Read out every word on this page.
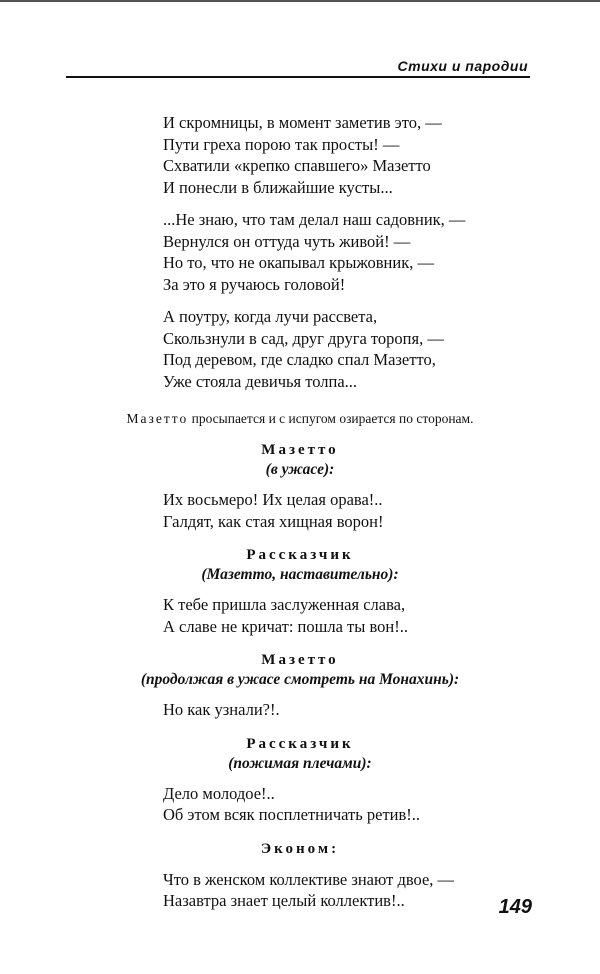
Стихи и пародии
И скромницы, в момент заметив это, —
Пути греха порою так просты! —
Схватили «крепко спавшего» Мазетто
И понесли в ближайшие кусты...
...Не знаю, что там делал наш садовник, —
Вернулся он оттуда чуть живой! —
Но то, что не окапывал крыжовник, —
За это я ручаюсь головой!
А поутру, когда лучи рассвета,
Скользнули в сад, друг друга торопя, —
Под деревом, где сладко спал Мазетто,
Уже стояла девичья толпа...
Мазетто просыпается и с испугом озирается по сторонам.
Мазетто
(в ужасе):
Их восьмеро! Их целая орава!..
Галдят, как стая хищная ворон!
Рассказчик
(Мазетто, наставительно):
К тебе пришла заслуженная слава,
А славе не кричат: пошла ты вон!..
Мазетто
(продолжая в ужасе смотреть на Монахинь):
Но как узнали?!.
Рассказчик
(пожимая плечами):
Дело молодое!..
Об этом всяк посплетничать ретив!..
Эконом:
Что в женском коллективе знают двое, —
Назавтра знает целый коллектив!..	149
